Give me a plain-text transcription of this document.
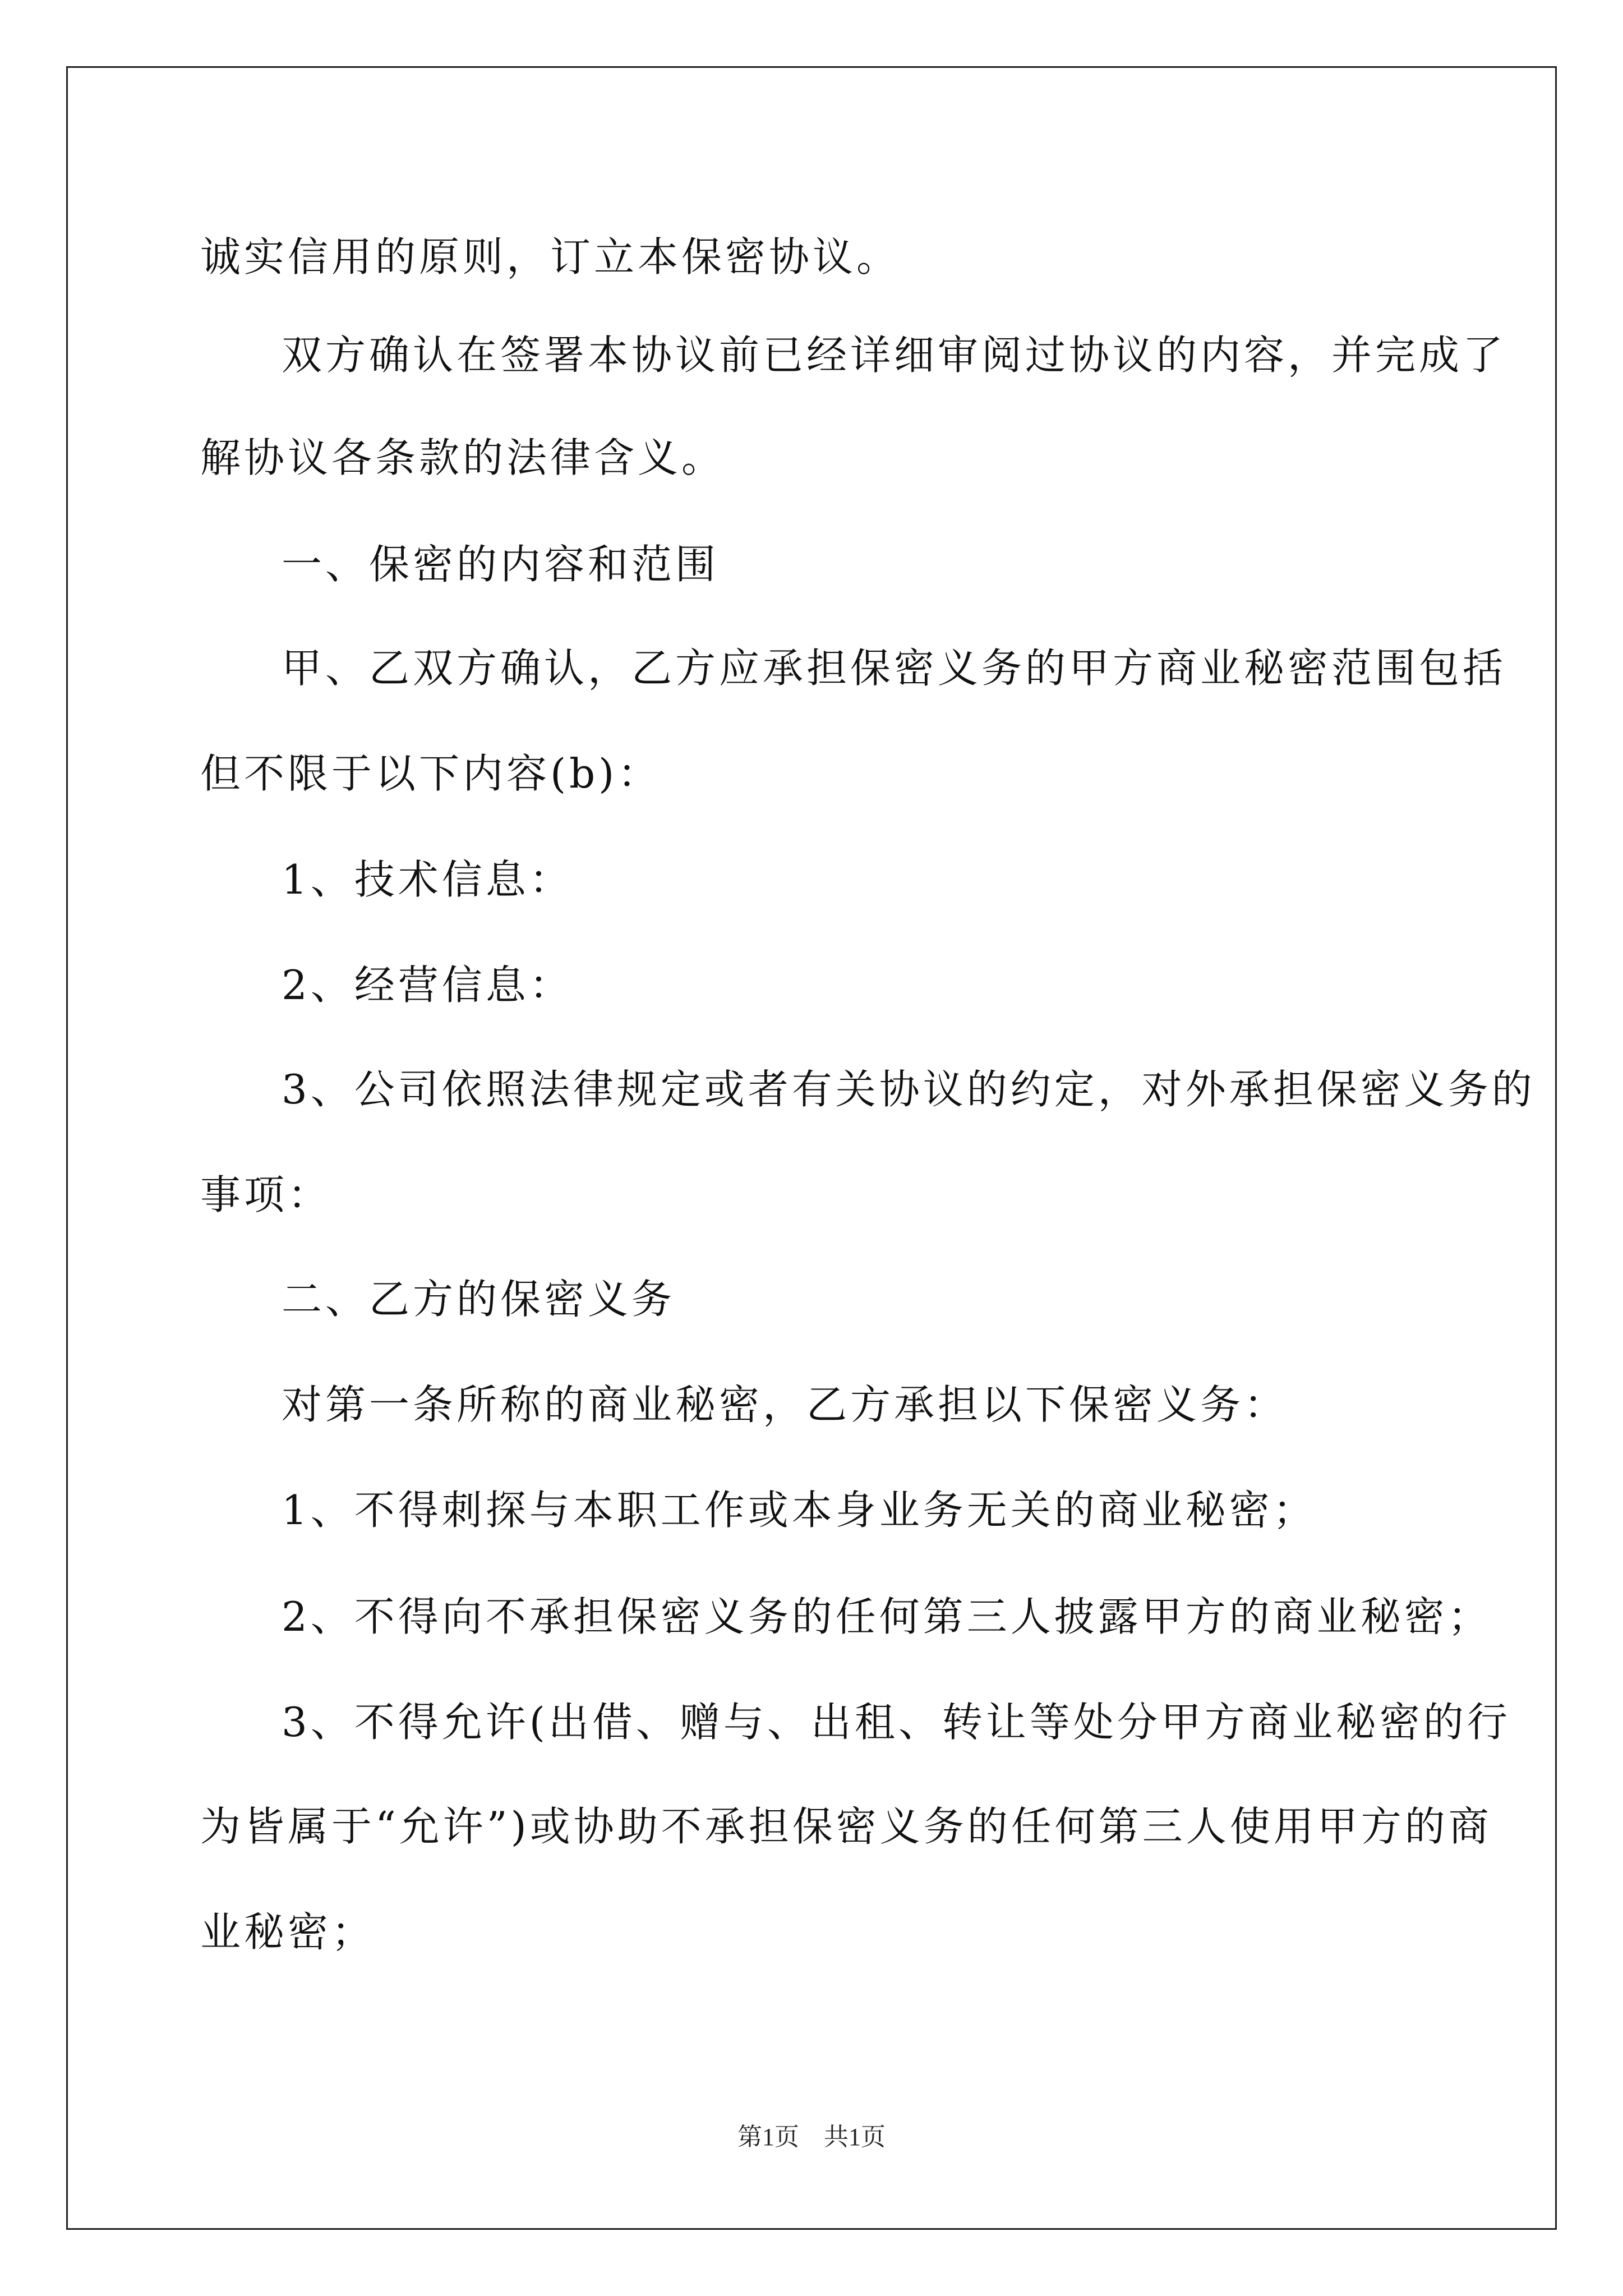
诚实信用的原则，订立本保密协议。
双方确认在签署本协议前已经详细审阅过协议的内容，并完成了
解协议各条款的法律含义。
一、保密的内容和范围
甲、乙双方确认，乙方应承担保密义务的甲方商业秘密范围包括
但不限于以下内容(b)：
1、技术信息：
2、经营信息：
3、公司依照法律规定或者有关协议的约定，对外承担保密义务的
事项：
二、乙方的保密义务
对第一条所称的商业秘密，乙方承担以下保密义务：
1、不得刺探与本职工作或本身业务无关的商业秘密；
2、不得向不承担保密义务的任何第三人披露甲方的商业秘密；
3、不得允许(出借、赠与、出租、转让等处分甲方商业秘密的行
为皆属于“允许”)或协助不承担保密义务的任何第三人使用甲方的商
业秘密；
第1页　共1页
